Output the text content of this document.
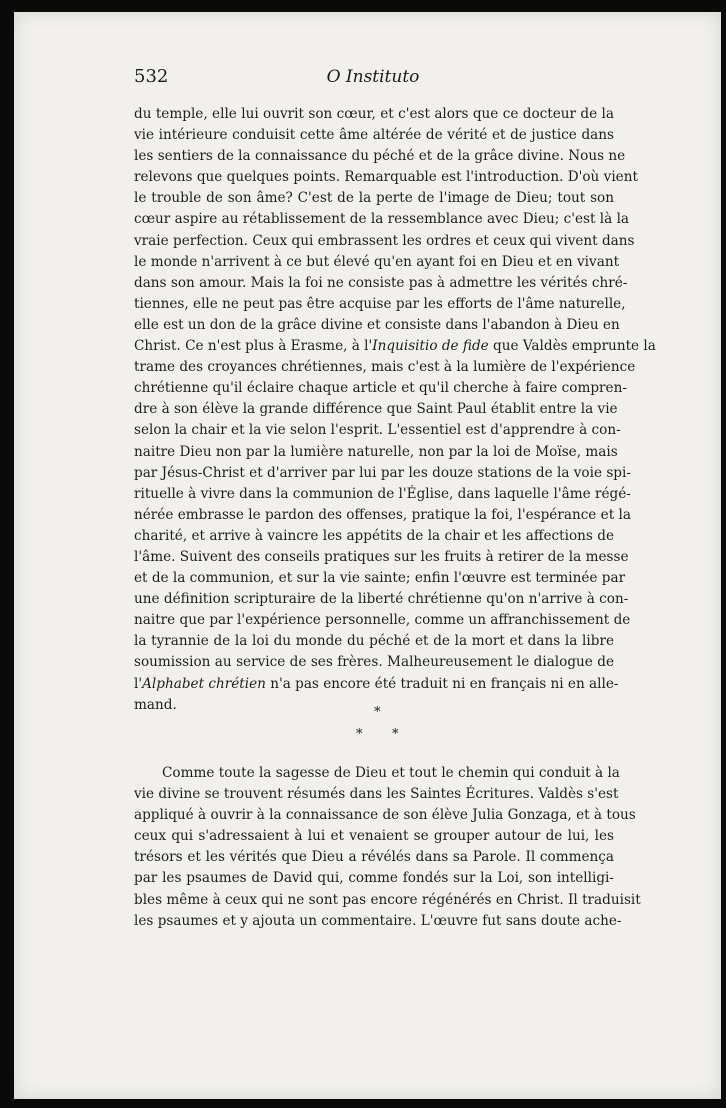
532	O Instituto
du temple, elle lui ouvrit son cœur, et c'est alors que ce docteur de la
vie intérieure conduisit cette âme altérée de vérité et de justice dans
les sentiers de la connaissance du péché et de la grâce divine. Nous ne
relevons que quelques points. Remarquable est l'introduction. D'où vient
le trouble de son âme? C'est de la perte de l'image de Dieu; tout son
cœur aspire au rétablissement de la ressemblance avec Dieu; c'est là la
vraie perfection. Ceux qui embrassent les ordres et ceux qui vivent dans
le monde n'arrivent à ce but élevé qu'en ayant foi en Dieu et en vivant
dans son amour. Mais la foi ne consiste pas à admettre les vérités chré-
tiennes, elle ne peut pas être acquise par les efforts de l'âme naturelle,
elle est un don de la grâce divine et consiste dans l'abandon à Dieu en
Christ. Ce n'est plus à Erasme, à l'Inquisitio de fide que Valdès emprunte la
trame des croyances chrétiennes, mais c'est à la lumière de l'expérience
chrétienne qu'il éclaire chaque article et qu'il cherche à faire compren-
dre à son élève la grande différence que Saint Paul établit entre la vie
selon la chair et la vie selon l'esprit. L'essentiel est d'apprendre à con-
naitre Dieu non par la lumière naturelle, non par la loi de Moïse, mais
par Jésus-Christ et d'arriver par lui par les douze stations de la voie spi-
rituelle à vivre dans la communion de l'Église, dans laquelle l'âme régé-
nérée embrasse le pardon des offenses, pratique la foi, l'espérance et la
charité, et arrive à vaincre les appétits de la chair et les affections de
l'âme. Suivent des conseils pratiques sur les fruits à retirer de la messe
et de la communion, et sur la vie sainte; enfin l'œuvre est terminée par
une définition scripturaire de la liberté chrétienne qu'on n'arrive à con-
naitre que par l'expérience personnelle, comme un affranchissement de
la tyrannie de la loi du monde du péché et de la mort et dans la libre
soumission au service de ses frères. Malheureusement le dialogue de
l'Alphabet chrétien n'a pas encore été traduit ni en français ni en alle-
mand.	*
* *
Comme toute la sagesse de Dieu et tout le chemin qui conduit à la
vie divine se trouvent résumés dans les Saintes Écritures. Valdès s'est
appliqué à ouvrir à la connaissance de son élève Julia Gonzaga, et à tous
ceux qui s'adressaient à lui et venaient se grouper autour de lui, les
trésors et les vérités que Dieu a révélés dans sa Parole. Il commença
par les psaumes de David qui, comme fondés sur la Loi, son intelligi-
bles même à ceux qui ne sont pas encore régénérés en Christ. Il traduisit
les psaumes et y ajouta un commentaire. L'œuvre fut sans doute ache-
